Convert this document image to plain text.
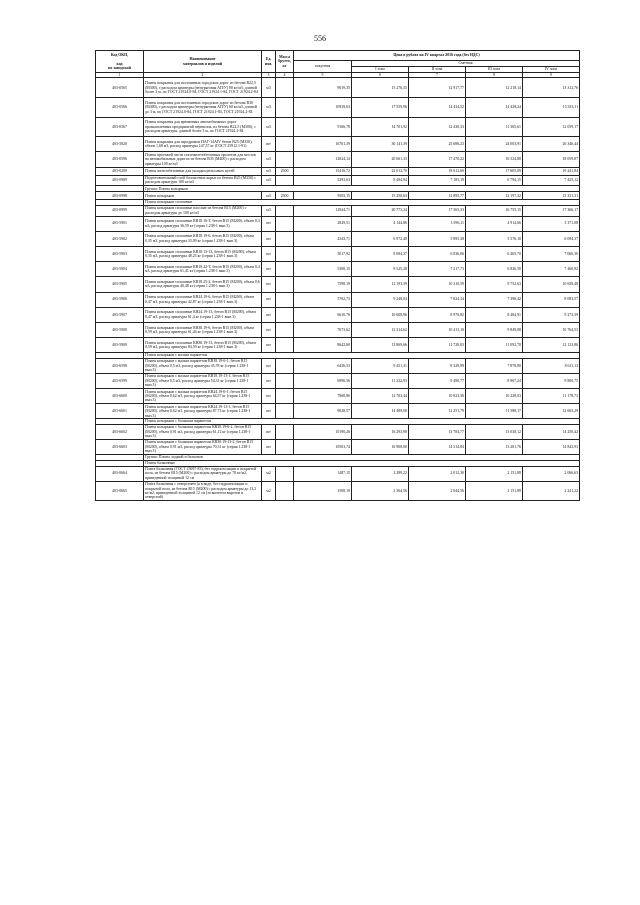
556
Код ОКП,

код
по заводской	Наименование
материалов и изделий	Ед.
изм.	Масса
брутто,
кг	Цена в рублях на IV квартал 2016 года (без НДС)				
				покупная	Сметная			
					I зона	II зона	III зона	IV зона
1	2	3	4	5	6	7	8	9
403-0565	Плиты покрытия для постоянных городских дорог из бетона В22,5 (М300), с расходом арматуры (непуряговая АП/У) 80 кг/м3, длиной более 3 м, по ГОСТ 21924.0-84, ГОСТ 21924.1-84, ГОСТ 21924.2-84	м3		9019,35	15 276,35	12 917,77	12 218,14	13 312,76
403-0566	Плиты покрытия для постоянных городских дорог из бетона В30 (М400), с расходом арматуры (непуряговая АП/У) 60 кг/м3, длиной до 3 м, по ГОСТ 21924.0-84, ГОСТ 21924.1-84, ГОСТ 21924.2-84	м3		10939,63	17 559,96	14 434,52	14 428,24	15 333,11
403-0567	Плиты покрытия для временных автомобильных дорог промышленных предприятий перевозок, из бетона В22,5 (М300), с расходом арматуры, длиной более 3 м, по ГОСТ 21924.2-84	м3		9166,78	14 701,92	12 430,33	11 365,61	12 059,17
403-5820	Плиты покрытия для аэродромов ПАГ-14АIV бетон В25 (М350), объем 1,68 м3, расход арматуры 147,57 кг (ГОСТ 25912.1-91)	шт		16701,39	30 141,39	25 686,23	24 003,91	26 346,44
403-0596	Плиты проезжей части сталежелезобетонных пролетов для мостов на автомобильных дорогах из бетона В35 (М400) с расходом арматуры 100 кг/м3	м3		12024,14	20 661,33	17 470,22	16 524,88	18 059,87
403-0200	Плиты железобетонные для укладки рельсовых путей	м3	2500	15416,72	22 012,70	18 612,60	17 605,09	19 241,84
403-0989	Подготовительный слой балластных корыт из бетона В25 (М350) с расходом арматуры 100 кг/м3	м3		5293,63	8 494,94	7 183,19	6 794,15	7 425,12
	Группа: Плиты козырьков							
403-0998	Плиты козырьков	м3	2500	9503,15	15 250,63	12 895,77	12 197,32	13 331,31
	Плиты козырьков сплошные							
403-0999	Плиты козырьков сплошные плоские из бетона В15 (М200) с расходом арматуры до 100 кг/м3	м3		12944,71	20 773,24	17 565,33	16 755,15	17 366,17
403-5901	Плиты козырьков сплошные КВ18.16-Т, бетон В15 (М200), объем 0,3 м3, расход арматуры 36,59 кг (серия 1.238-1 вып.3)	шт		2829,51	4 144,86	3 596,11	4 914,66	3 371,08
403-5902	Плиты козырьков сплошные КВ18.19-6, бетон В15 (М200), объем 0,35 м3, расход арматуры 33,09 кг (серия 1.238-1 вып.3)	шт		4343,71	6 972,40	5 895,38	5 576,10	6 094,37
403-5903	Плиты козырьков сплошные КВ18.13-13, бетон В15 (М200), объем 0,35 м3, расход арматуры 48,23 кг (серия 1.238-1 вып.3)	шт		5017,92	8 084,37	6 836,06	6 465,70	7 066,30
403-5904	Плиты козырьков сплошные КВ18.22-Т, бетон В15 (М200), объем 0,4 м3, расход арматуры 61,41 кг (серия 1.238-1 вып.3)	шт		5308,15	8 525,28	7 217,73	6 826,50	7 460,92
403-5905	Плиты козырьков сплошные КВ18.25-2, бетон В15 (М200), объем 0,6 м3, расход арматуры 40,48 кг (серия 1.238-1 вып.3)	шт		7598,19	12 193,39	10 310,59	9 752,63	10 658,48
403-5906	Плиты козырьков сплошные КВ24.19-6, бетон В15 (М200), объем 0,47 м3, расход арматуры 42,87 кг (серия 1.238-1 вып.3)	шт		5762,73	9 248,04	7 824,34	7 396,42	8 083,57
403-5907	Плиты козырьков сплошные КВ24.19-13, бетон В15 (М200), объем 0,47 м3, расход арматуры 61,4 кг (серия 1.238-1 вып.3)	шт		6610,76	10 608,96	8 970,82	8 484,91	9 273,39
403-5908	Плиты козырьков сплошные КВ30.19-6, бетон В15 (М200), объем 0,59 м3, расход арматуры 61,44 кг (серия 1.238-1 вып.3)	шт		7673,62	12 314,62	10 413,10	9 849,08	10 764,53
403-5909	Плиты козырьков сплошные КВ30.19-13, бетон В15 (М200), объем 0,59 м3, расход арматуры 84,59 кг (серия 1.238-1 вып.3)	шт		8642,60	13 869,66	11 728,03	11 092,78	12 123,86
	Плиты козырьков с малым парапетом							
403-6598	Плиты козырьков с малым парапетом КВ18.19-6-1, бетон В15 (М200), объем 0,5 м3, расход арматуры 45,78 кг (серия 1.238-1 вып.3)	шт		6436,53	9 451,31	8 329,99	7 878,80	8 611,13
403-6599	Плиты козырьков с малым парапетом КВ18.19-13-1, бетон В15 (М200), объем 0,5 м3, расход арматуры 54,31 кг (серия 1.238-1 вып.3)	шт		6996,56	11 222,93	9 490,77	8 967,24	9 800,75
403-6600	Плиты козырьков с малым парапетом КВ24.19-6-1, бетон В15 (М200), объем 0,62 м3, расход арматуры 64,57 кг (серия 1.238-1 вып.3)	шт		7868,86	12 703,44	10 823,56	10 228,03	11 178,73
403-6601	Плиты козырьков с малым парапетом КВ24.19-13-1, бетон В15 (М200), объем 0,62 м3, расход арматуры 87,73 кг (серия 1.238-1 вып.3)	шт		9028,57	14 489,00	12 251,79	11 588,17	12 665,29
	Плиты козырьков с большим парапетом							
403-6602	Плиты козырьков с большим парапетом КВ30.19-6-2, бетон В15 (М200), объем 0,91 м3, расход арматуры 61,12 кг (серия 1.238-1 вып.3)	шт		10190,26	16 293,98	13 784,77	13 038,12	14 250,42
403-6603	Плиты козырьков с большим парапетом КВ30.19-13-2, бетон В15 (М200), объем 0,91 м3, расход арматуры 70,31 кг (серия 1.238-1 вып.3)	шт		10503,74	16 908,00	14 314,84	13 281,76	14 843,93
	Группа: Плиты лоджий и балконов							
	Плиты балконные							
403-0664	Плита балконная (ГОСТ 25697-83), без гидроизоляции и покрытой пола, из бетона В15 (М200) с расходом арматуры до 70 кг/м2, приведенной толщиной 12 см	м2		1487,15	2 289,22	2 012,30	2 151,88	2 066,63
403-0665	Плита балконная с отверстием (я в виде, без гидроизоляции и покрытой пола, из бетона В15 (М200) с расходом арматуры до 13,2 кг/м2, приведенной толщиной 12 см (за вычетом вырезов и отверстий)	м2		1508,19	2 364,56	2 044,56	2 151,88	2 241,22
